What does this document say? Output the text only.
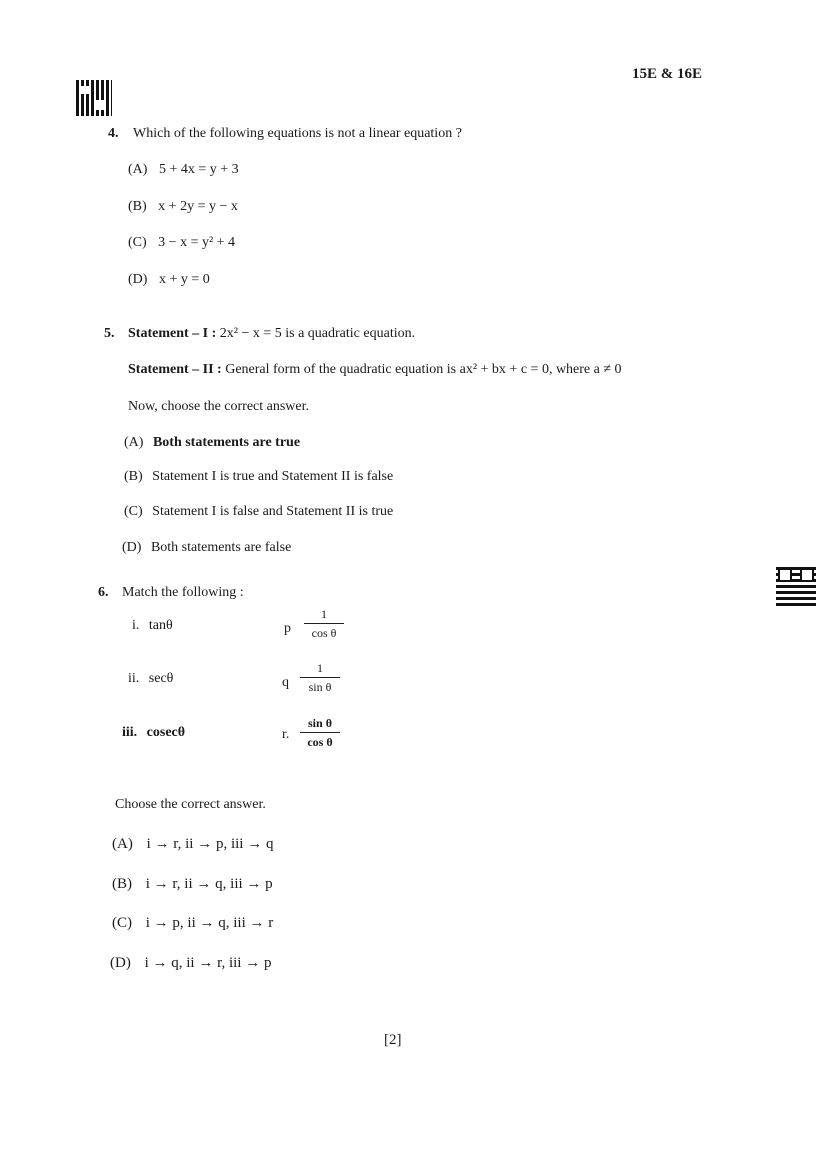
15E & 16E
4. Which of the following equations is not a linear equation ?
(A) 5 + 4x = y + 3
(B) x + 2y = y − x
(C) 3 − x = y² + 4
(D) x + y = 0
5. Statement – I : 2x² − x = 5 is a quadratic equation.
Statement – II : General form of the quadratic equation is ax² + bx + c = 0, where a ≠ 0
Now, choose the correct answer.
(A) Both statements are true
(B) Statement I is true and Statement II is false
(C) Statement I is false and Statement II is true
(D) Both statements are false
6. Match the following :
i. tanθ
ii. secθ
iii. cosecθ
p
1
cos θ
q
1
sin θ
r.
sin θ
cos θ
Choose the correct answer.
(A) i → r, ii → p, iii → q
(B) i → r, ii → q, iii → p
(C) i → p, ii → q, iii → r
(D) i → q, ii → r, iii → p
[2]
